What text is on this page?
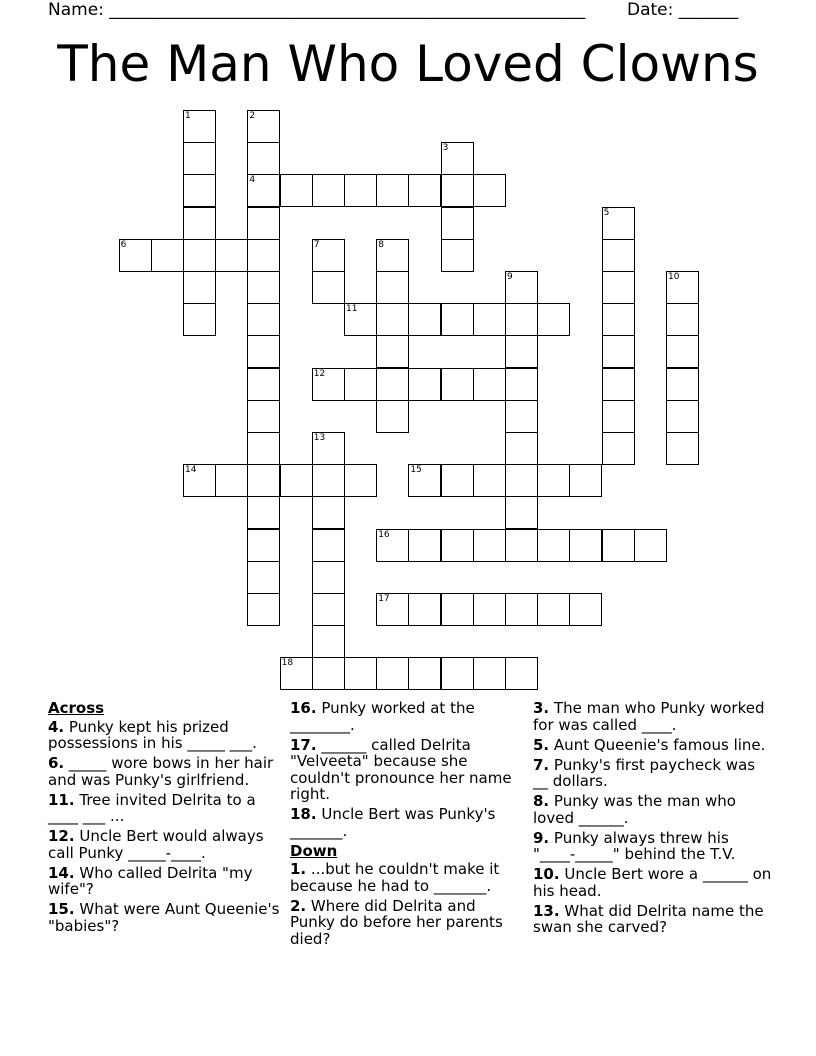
Name: ________________________________________________________ Date: _______
The Man Who Loved Clowns
1	2
3
4
5
6	7	8
9	10
11
12
13
14	15
16
17
18
Across
4. Punky kept his prized possessions in his _____ ___.
6. _____ wore bows in her hair and was Punky's girlfriend.
11. Tree invited Delrita to a ____ ___ ...
12. Uncle Bert would always call Punky _____-____.
14. Who called Delrita "my wife"?
15. What were Aunt Queenie's "babies"?
16. Punky worked at the ________.
17. ______ called Delrita "Velveeta" because she couldn't pronounce her name right.
18. Uncle Bert was Punky's _______.
Down
1. ...but he couldn't make it because he had to _______.
2. Where did Delrita and Punky do before her parents died?
3. The man who Punky worked for was called ____.
5. Aunt Queenie's famous line.
7. Punky's first paycheck was __ dollars.
8. Punky was the man who loved ______.
9. Punky always threw his "____-_____" behind the T.V.
10. Uncle Bert wore a ______ on his head.
13. What did Delrita name the swan she carved?
